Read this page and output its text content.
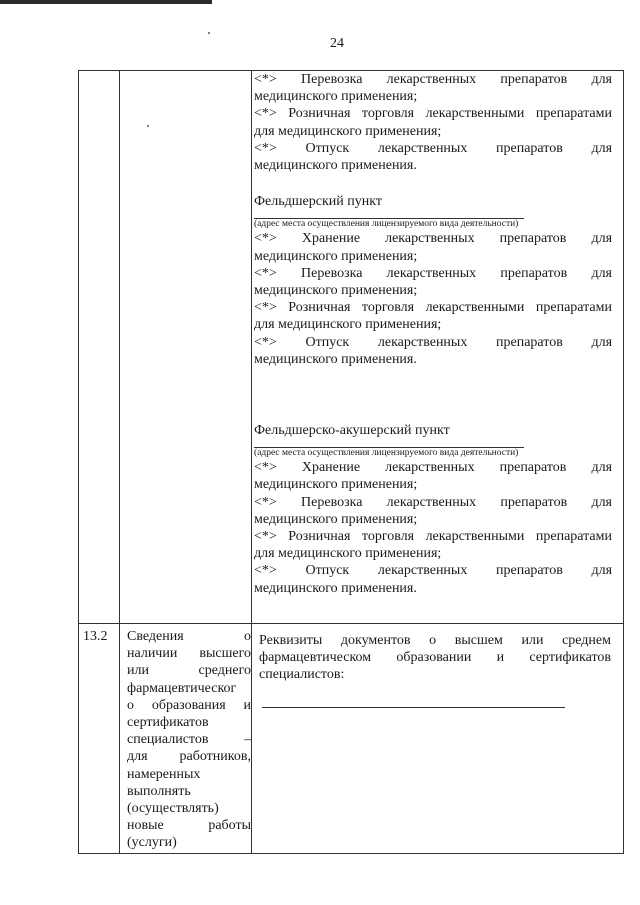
24

<*> Перевозка лекарственных препаратов для

медицинского применения;

<*> Розничная торговля лекарственными препаратами

для медицинского применения;

<*> Отпуск лекарственных препаратов для

медицинского применения.

Фельдшерский пункт

(адрес места осуществления лицензируемого вида деятельности)

<*> Хранение лекарственных препаратов для

медицинского применения;

<*> Перевозка лекарственных препаратов для

медицинского применения;

<*> Розничная торговля лекарственными препаратами

для медицинского применения;

<*> Отпуск лекарственных препаратов для

медицинского применения.

Фельдшерско-акушерский пункт

(адрес места осуществления лицензируемого вида деятельности)

<*> Хранение лекарственных препаратов для

медицинского применения;

<*> Перевозка лекарственных препаратов для

медицинского применения;

<*> Розничная торговля лекарственными препаратами

для медицинского применения;

<*> Отпуск лекарственных препаратов для

медицинского применения.

13.2 Сведения о

наличии высшего

или среднего

фармацевтическог

о образования и

сертификатов

специалистов –

для работников,

намеренных

выполнять

(осуществлять)

новые работы

(услуги)

Реквизиты документов о высшем или среднем

фармацевтическом образовании и сертификатов

специалистов:
